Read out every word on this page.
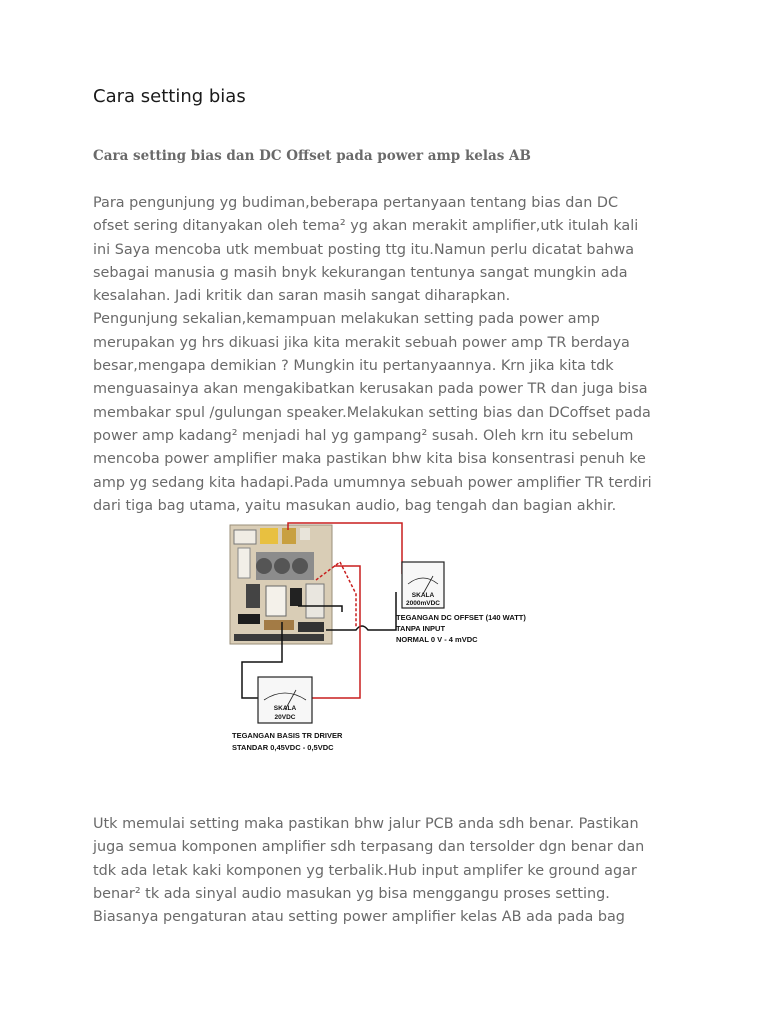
Cara setting bias
Cara setting bias dan DC Offset pada power amp kelas AB
Para pengunjung yg budiman,beberapa pertanyaan tentang bias dan DC
ofset sering ditanyakan oleh tema² yg akan merakit amplifier,utk itulah kali
ini Saya mencoba utk membuat posting ttg itu.Namun perlu dicatat bahwa
sebagai manusia g masih bnyk kekurangan tentunya sangat mungkin ada
kesalahan. Jadi kritik dan saran masih sangat diharapkan.
Pengunjung sekalian,kemampuan melakukan setting pada power amp
merupakan yg hrs dikuasi jika kita merakit sebuah power amp TR berdaya
besar,mengapa demikian ? Mungkin itu pertanyaannya. Krn jika kita tdk
menguasainya akan mengakibatkan kerusakan pada power TR dan juga bisa
membakar spul /gulungan speaker.Melakukan setting bias dan DCoffset pada
power amp kadang² menjadi hal yg gampang² susah. Oleh krn itu sebelum
mencoba power amplifier maka pastikan bhw kita bisa konsentrasi penuh ke
amp yg sedang kita hadapi.Pada umumnya sebuah power amplifier TR terdiri
dari tiga bag utama, yaitu masukan audio, bag tengah dan bagian akhir.
SKALA
2000mVDC
TEGANGAN DC OFFSET (140 WATT)
TANPA INPUT
NORMAL 0 V - 4 mVDC
SKALA
20VDC
TEGANGAN BASIS TR DRIVER
STANDAR 0,45VDC - 0,5VDC
Utk memulai setting maka pastikan bhw jalur PCB anda sdh benar. Pastikan
juga semua komponen amplifier sdh terpasang dan tersolder dgn benar dan
tdk ada letak kaki komponen yg terbalik.Hub input amplifer ke ground agar
benar² tk ada sinyal audio masukan yg bisa menggangu proses setting.
Biasanya pengaturan atau setting power amplifier kelas AB ada pada bag
